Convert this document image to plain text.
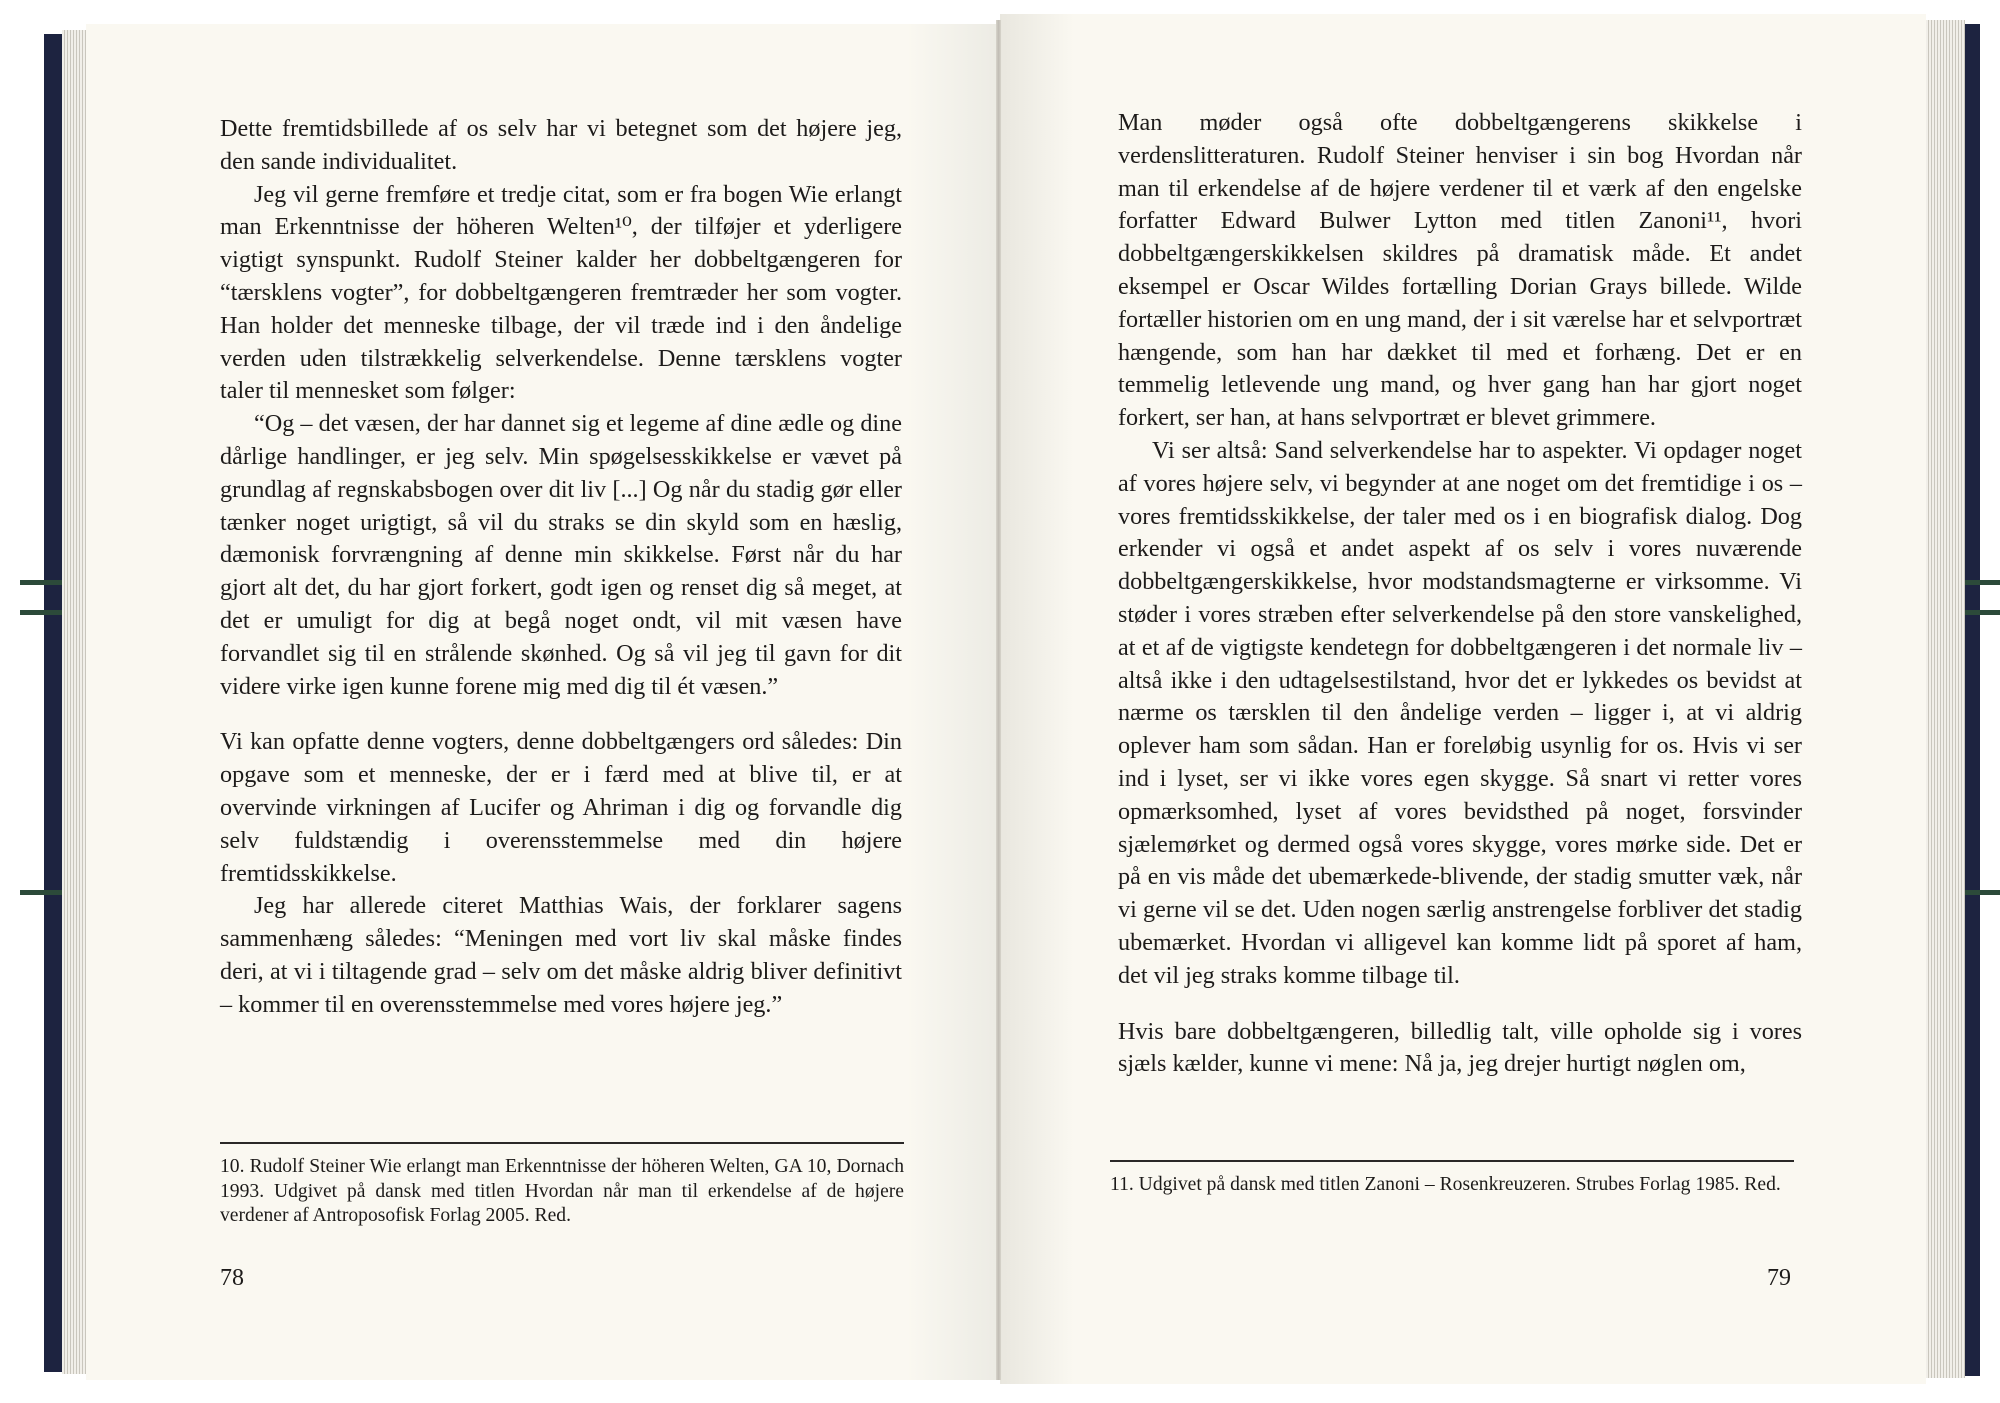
Dette fremtidsbillede af os selv har vi betegnet som det højere jeg, den sande individualitet.

Jeg vil gerne fremføre et tredje citat, som er fra bogen Wie erlangt man Erkenntnisse der höheren Welten¹⁰, der tilføjer et yderligere vigtigt synspunkt. Rudolf Steiner kalder her dobbeltgængeren for “tærsklens vogter”, for dobbeltgængeren fremtræder her som vogter. Han holder det menneske tilbage, der vil træde ind i den åndelige verden uden tilstrækkelig selverkendelse. Denne tærsklens vogter taler til mennesket som følger:

“Og – det væsen, der har dannet sig et legeme af dine ædle og dine dårlige handlinger, er jeg selv. Min spøgelsesskikkelse er vævet på grundlag af regnskabsbogen over dit liv [...] Og når du stadig gør eller tænker noget urigtigt, så vil du straks se din skyld som en hæslig, dæmonisk forvrængning af denne min skikkelse. Først når du har gjort alt det, du har gjort forkert, godt igen og renset dig så meget, at det er umuligt for dig at begå noget ondt, vil mit væsen have forvandlet sig til en strålende skønhed. Og så vil jeg til gavn for dit videre virke igen kunne forene mig med dig til ét væsen.”

Vi kan opfatte denne vogters, denne dobbeltgængers ord således: Din opgave som et menneske, der er i færd med at blive til, er at overvinde virkningen af Lucifer og Ahriman i dig og forvandle dig selv fuldstændig i overensstemmelse med din højere fremtidsskikkelse.

Jeg har allerede citeret Matthias Wais, der forklarer sagens sammenhæng således: “Meningen med vort liv skal måske findes deri, at vi i tiltagende grad – selv om det måske aldrig bliver definitivt – kommer til en overensstemmelse med vores højere jeg.”

10. Rudolf Steiner Wie erlangt man Erkenntnisse der höheren Welten, GA 10, Dornach 1993. Udgivet på dansk med titlen Hvordan når man til erkendelse af de højere verdener af Antroposofisk Forlag 2005. Red.
78

Man møder også ofte dobbeltgængerens skikkelse i verdenslitteraturen. Rudolf Steiner henviser i sin bog Hvordan når man til erkendelse af de højere verdener til et værk af den engelske forfatter Edward Bulwer Lytton med titlen Zanoni¹¹, hvori dobbeltgængerskikkelsen skildres på dramatisk måde. Et andet eksempel er Oscar Wildes fortælling Dorian Grays billede. Wilde fortæller historien om en ung mand, der i sit værelse har et selvportræt hængende, som han har dækket til med et forhæng. Det er en temmelig letlevende ung mand, og hver gang han har gjort noget forkert, ser han, at hans selvportræt er blevet grimmere.

Vi ser altså: Sand selverkendelse har to aspekter. Vi opdager noget af vores højere selv, vi begynder at ane noget om det fremtidige i os – vores fremtidsskikkelse, der taler med os i en biografisk dialog. Dog erkender vi også et andet aspekt af os selv i vores nuværende dobbeltgængerskikkelse, hvor modstandsmagterne er virksomme. Vi støder i vores stræben efter selverkendelse på den store vanskelighed, at et af de vigtigste kendetegn for dobbeltgængeren i det normale liv – altså ikke i den udtagelsestilstand, hvor det er lykkedes os bevidst at nærme os tærsklen til den åndelige verden – ligger i, at vi aldrig oplever ham som sådan. Han er foreløbig usynlig for os. Hvis vi ser ind i lyset, ser vi ikke vores egen skygge. Så snart vi retter vores opmærksomhed, lyset af vores bevidsthed på noget, forsvinder sjælemørket og dermed også vores skygge, vores mørke side. Det er på en vis måde det ubemærkede-blivende, der stadig smutter væk, når vi gerne vil se det. Uden nogen særlig anstrengelse forbliver det stadig ubemærket. Hvordan vi alligevel kan komme lidt på sporet af ham, det vil jeg straks komme tilbage til.

Hvis bare dobbeltgængeren, billedlig talt, ville opholde sig i vores sjæls kælder, kunne vi mene: Nå ja, jeg drejer hurtigt nøglen om,

11. Udgivet på dansk med titlen Zanoni – Rosenkreuzeren. Strubes Forlag 1985. Red.
79
